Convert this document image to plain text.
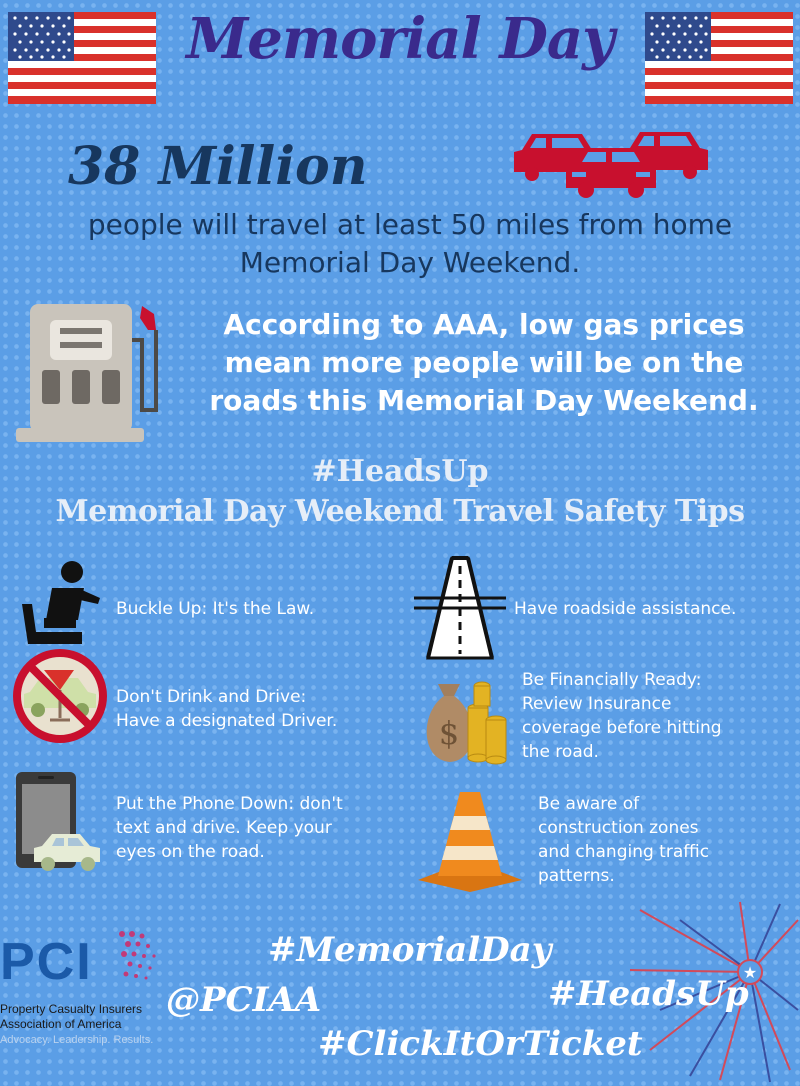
Memorial Day
38 Million
people will travel at least 50 miles from home
Memorial Day Weekend.
According to AAA, low gas prices
mean more people will be on the
roads this Memorial Day Weekend.
#HeadsUp
Memorial Day Weekend Travel Safety Tips
Buckle Up: It's the Law.	Have roadside assistance.
Don't Drink and Drive:
Have a designated Driver.	$
Be Financially Ready:
Review Insurance
coverage before hitting
the road.
Put the Phone Down: don't
text and drive. Keep your
eyes on the road.
Be aware of
construction zones
and changing traffic
patterns.
★
PCI
Property Casualty Insurers
Association of America
Advocacy. Leadership. Results.
#MemorialDay
@PCIAA	#HeadsUp
#ClickItOrTicket
